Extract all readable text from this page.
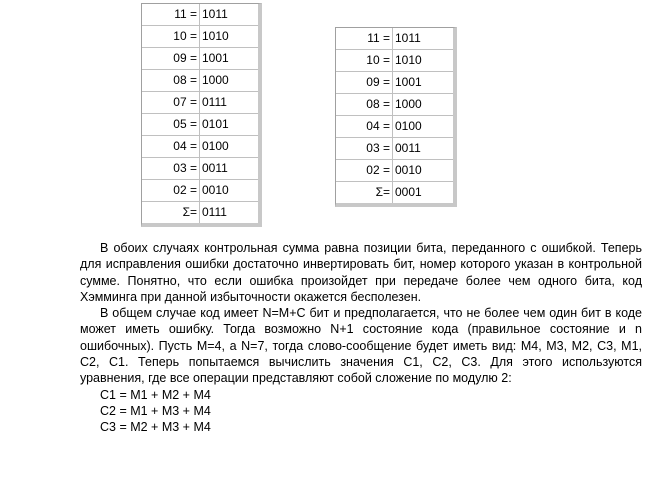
11 =	1011
10 =	1010
09 =	1001
08 =	1000
07 =	0111
05 =	0101
04 =	0100
03 =	0011
02 =	0010
Σ=	0111
11 =	1011
10 =	1010
09 =	1001
08 =	1000
04 =	0100
03 =	0011
02 =	0010
Σ=	0001

В обоих случаях контрольная сумма равна позиции бита, переданного с ошибкой. Теперь для исправления ошибки достаточно инвертировать бит, номер которого указан в контрольной сумме. Понятно, что если ошибка произойдет при передаче более чем одного бита, код Хэмминга при данной избыточности окажется бесполезен.

В общем случае код имеет N=M+C бит и предполагается, что не более чем один бит в коде может иметь ошибку. Тогда возможно N+1 состояние кода (правильное состояние и n ошибочных). Пусть M=4, а N=7, тогда слово-сообщение будет иметь вид: M4, M3, M2, C3, M1, C2, C1. Теперь попытаемся вычислить значения C1, C2, C3. Для этого используются уравнения, где все операции представляют собой сложение по модулю 2:

C1 = M1 + M2 + M4

C2 = M1 + M3 + M4

C3 = M2 + M3 + M4
